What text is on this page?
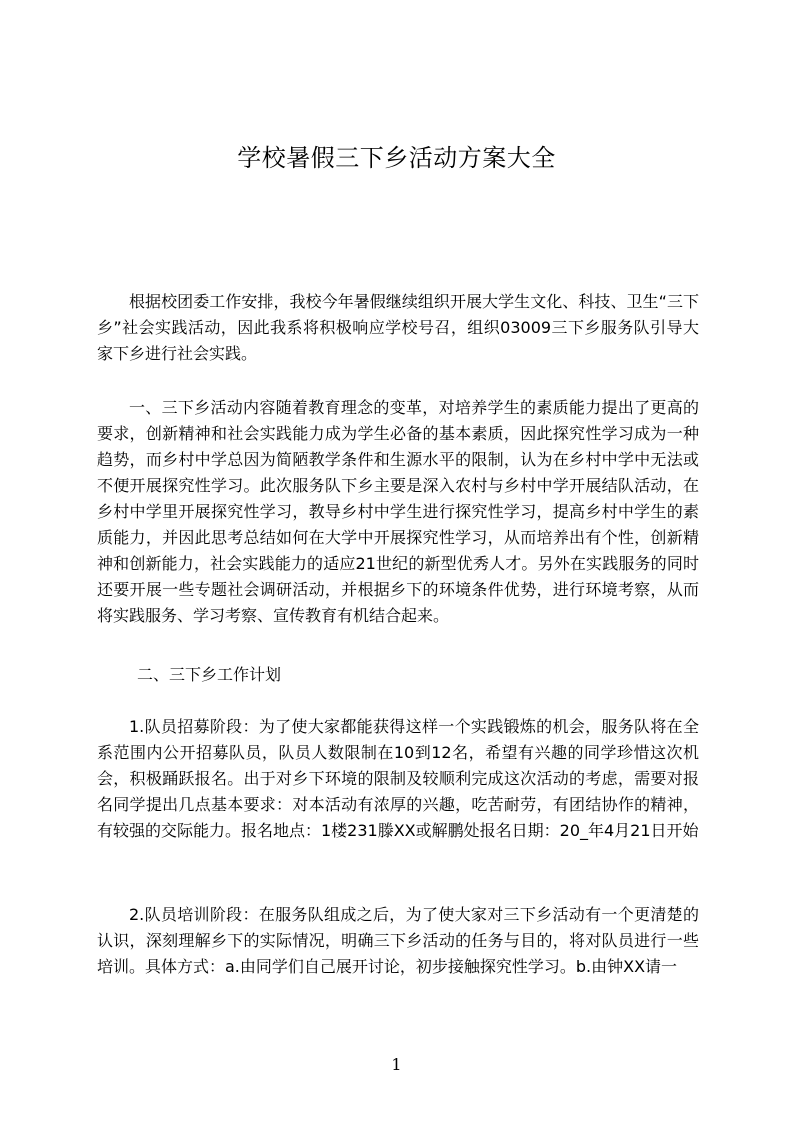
学校暑假三下乡活动方案大全

根据校团委工作安排，我校今年暑假继续组织开展大学生文化、科技、卫生“三下乡”社会实践活动，因此我系将积极响应学校号召，组织03009三下乡服务队引导大家下乡进行社会实践。

一、三下乡活动内容随着教育理念的变革，对培养学生的素质能力提出了更高的要求，创新精神和社会实践能力成为学生必备的基本素质，因此探究性学习成为一种趋势，而乡村中学总因为简陋教学条件和生源水平的限制，认为在乡村中学中无法或不便开展探究性学习。此次服务队下乡主要是深入农村与乡村中学开展结队活动，在乡村中学里开展探究性学习，教导乡村中学生进行探究性学习，提高乡村中学生的素质能力，并因此思考总结如何在大学中开展探究性学习，从而培养出有个性，创新精神和创新能力，社会实践能力的适应21世纪的新型优秀人才。另外在实践服务的同时还要开展一些专题社会调研活动，并根据乡下的环境条件优势，进行环境考察，从而将实践服务、学习考察、宣传教育有机结合起来。

二、三下乡工作计划

1.队员招募阶段：为了使大家都能获得这样一个实践锻炼的机会，服务队将在全系范围内公开招募队员，队员人数限制在10到12名，希望有兴趣的同学珍惜这次机会，积极踊跃报名。出于对乡下环境的限制及较顺利完成这次活动的考虑，需要对报名同学提出几点基本要求：对本活动有浓厚的兴趣，吃苦耐劳，有团结协作的精神，有较强的交际能力。报名地点：1楼231滕XX或解鹏处报名日期：20_年4月21日开始

2.队员培训阶段：在服务队组成之后，为了使大家对三下乡活动有一个更清楚的认识，深刻理解乡下的实际情况，明确三下乡活动的任务与目的，将对队员进行一些培训。具体方式：a.由同学们自己展开讨论，初步接触探究性学习。b.由钟XX请一

1
